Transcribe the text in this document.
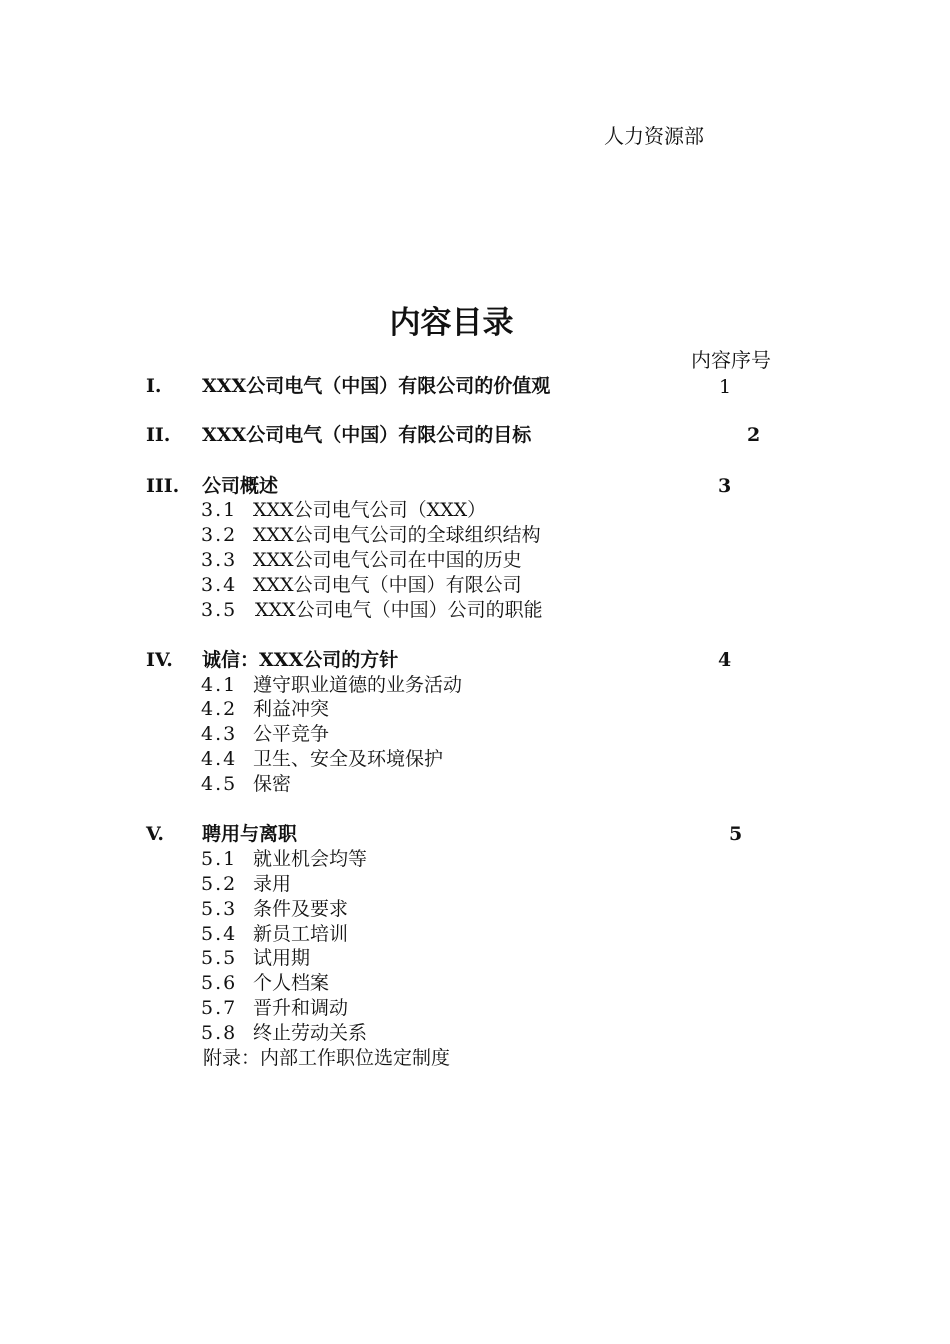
人力资源部
内容目录
内容序号
I. XXX公司电气（中国）有限公司的价值观	1
II. XXX公司电气（中国）有限公司的目标	2
III. 公司概述	3
3.1 XXX公司电气公司（XXX）
3.2 XXX公司电气公司的全球组织结构
3.3 XXX公司电气公司在中国的历史
3.4 XXX公司电气（中国）有限公司
3.5 XXX公司电气（中国）公司的职能
IV. 诚信：XXX公司的方针	4
4.1 遵守职业道德的业务活动
4.2 利益冲突
4.3 公平竞争
4.4 卫生、安全及环境保护
4.5 保密
V. 聘用与离职	5
5.1 就业机会均等
5.2 录用
5.3 条件及要求
5.4 新员工培训
5.5 试用期
5.6 个人档案
5.7 晋升和调动
5.8 终止劳动关系
附录：内部工作职位选定制度
